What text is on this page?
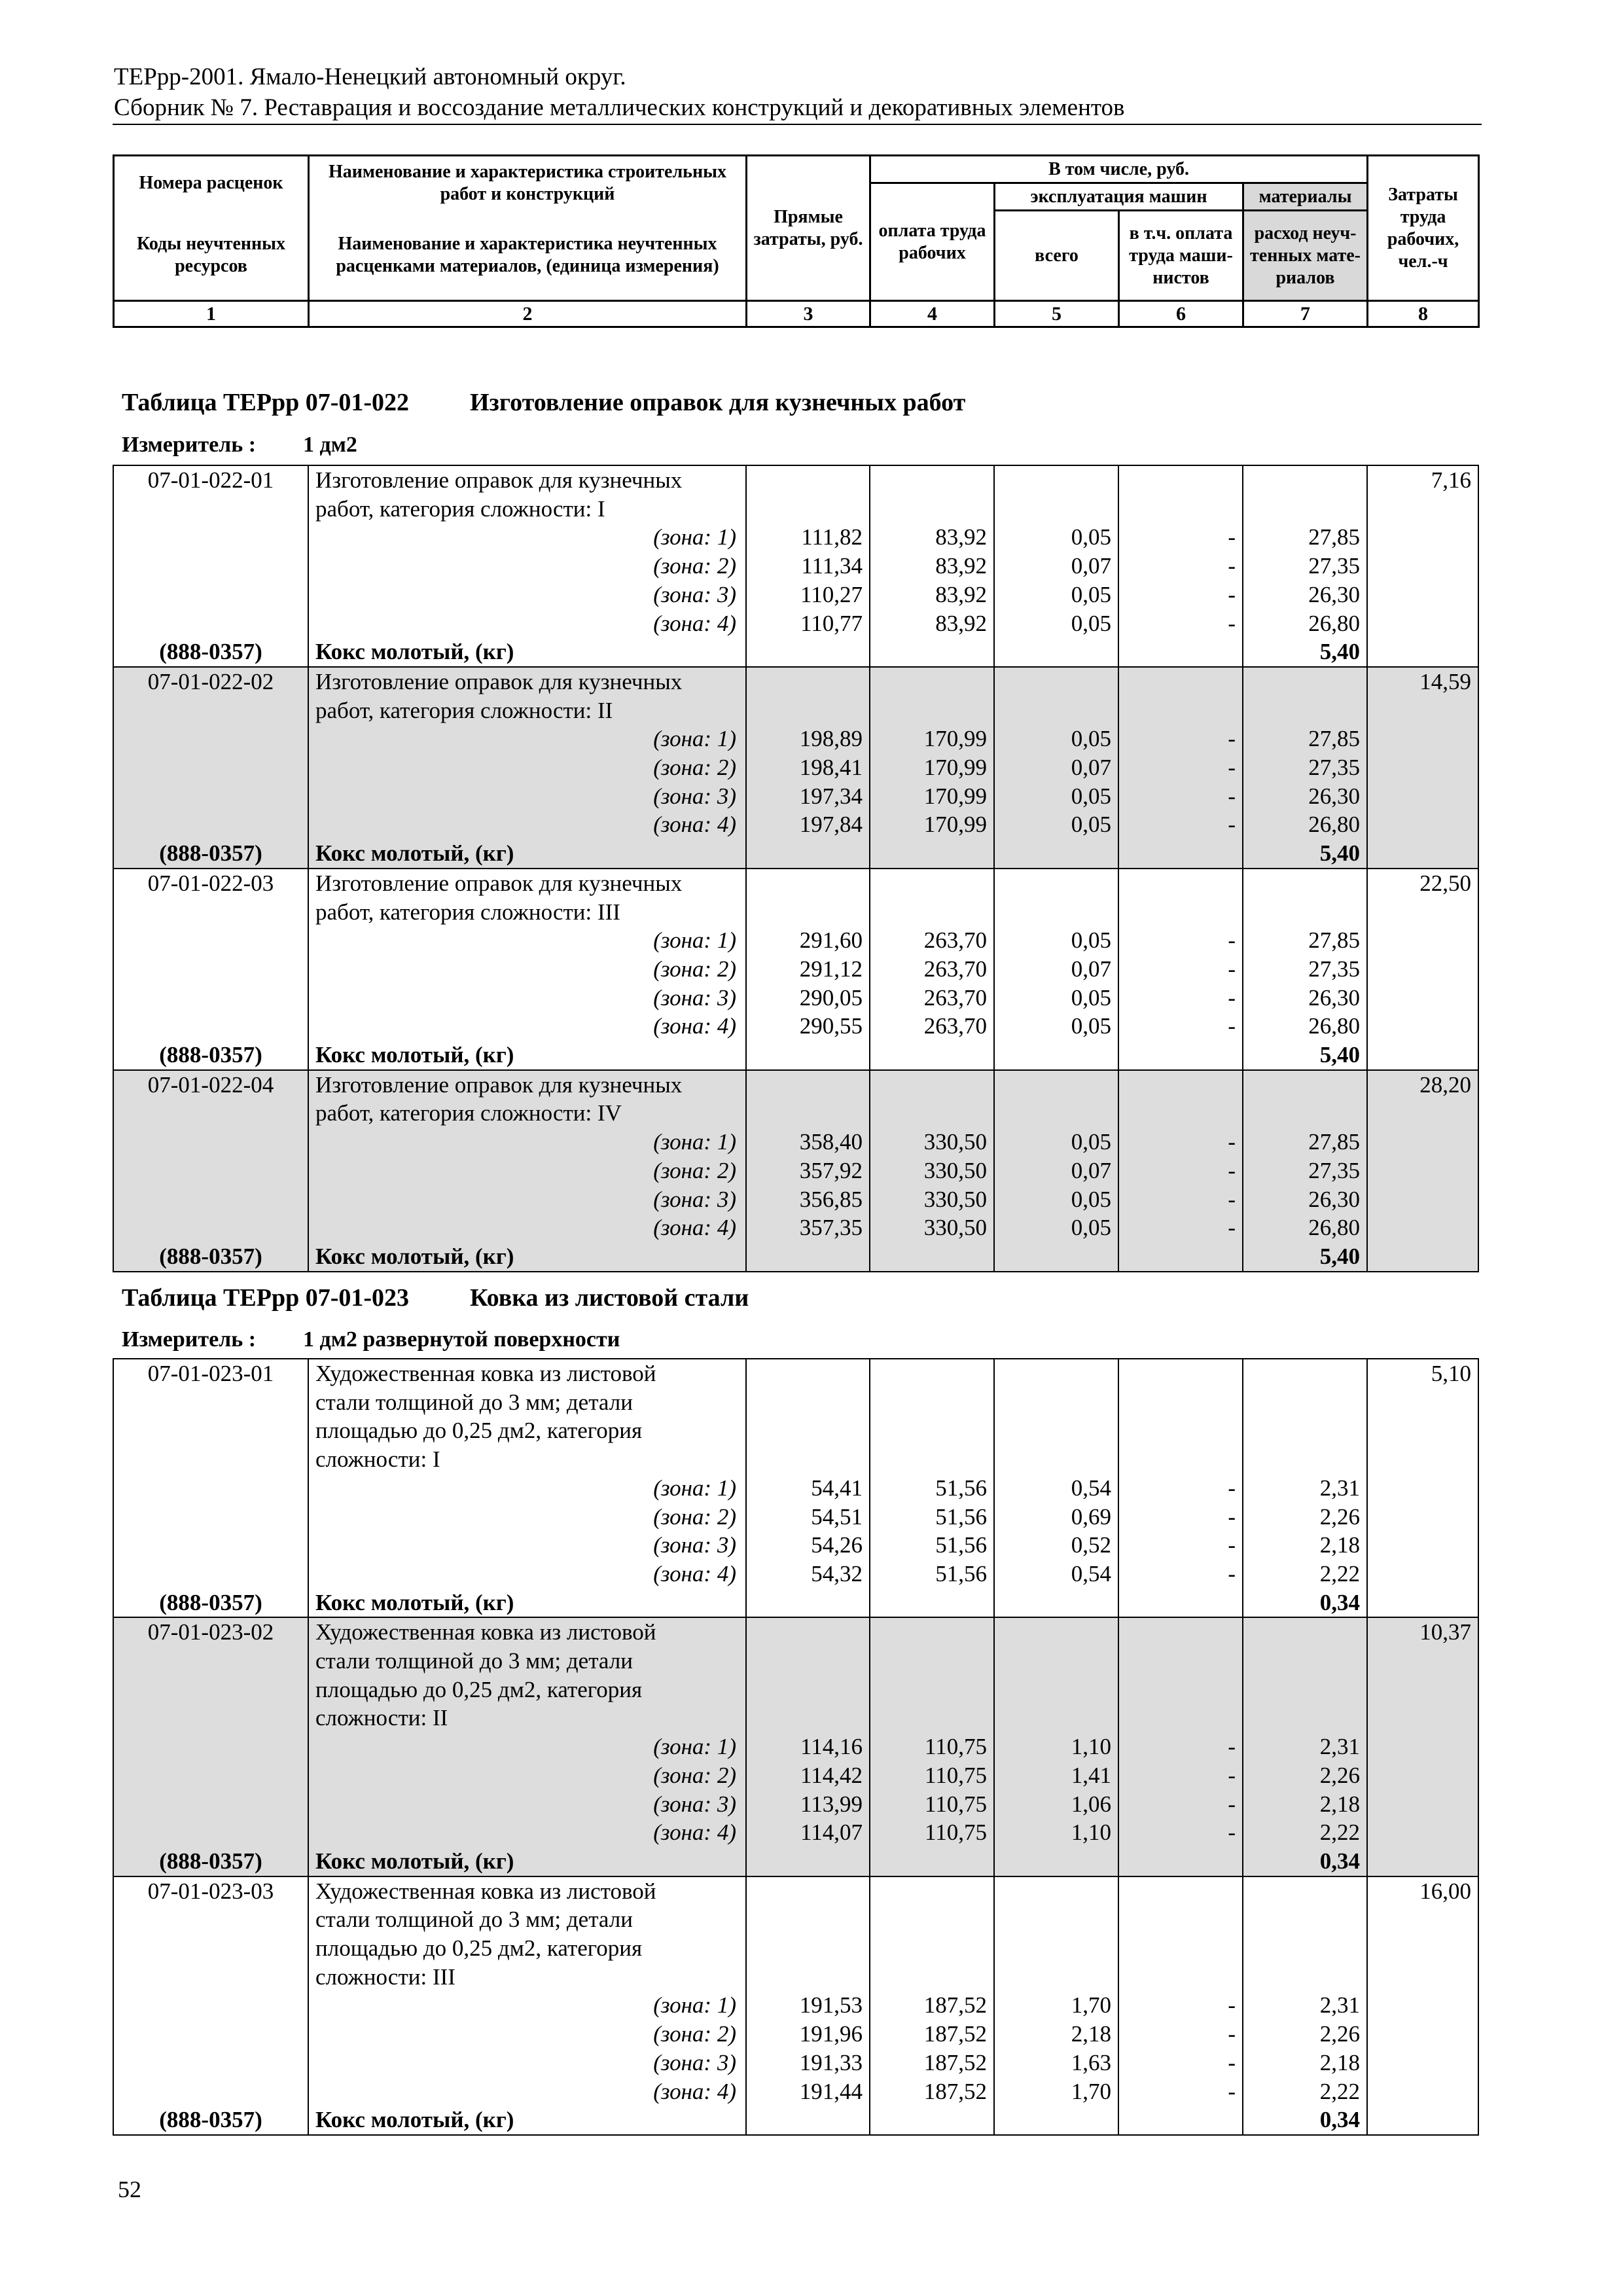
ТЕРрр-2001. Ямало-Ненецкий автономный округ.
Сборник № 7. Реставрация и воссоздание металлических конструкций и декоративных элементов
Номера расценок	Наименование и характеристика строительных работ и конструкций	Прямые затраты, руб.	В том числе, руб.				Затраты труда рабочих, чел.-ч
			оплата труда рабочих	эксплуатация машин		материалы	
Коды неучтенных ресурсов	Наименование и характеристика неучтенных расценками материалов, (единица измерения)			всего	в т.ч. оплата труда маши-нистов	расход неуч-тенных мате-риалов	

1	2	3	4	5	6	7	8
Таблица ТЕРрр 07-01-022 Изготовление оправок для кузнечных работ
Измеритель : 1 дм2
07-01-022-01	Изготовление оправок для кузнечных						7,16
	работ, категория сложности: I						
	(зона: 1)	111,82	83,92	0,05	-	27,85	
	(зона: 2)	111,34	83,92	0,07	-	27,35	
	(зона: 3)	110,27	83,92	0,05	-	26,30	
	(зона: 4)	110,77	83,92	0,05	-	26,80	
(888-0357)	Кокс молотый, (кг)					5,40	
07-01-022-02	Изготовление оправок для кузнечных						14,59
	работ, категория сложности: II						
	(зона: 1)	198,89	170,99	0,05	-	27,85	
	(зона: 2)	198,41	170,99	0,07	-	27,35	
	(зона: 3)	197,34	170,99	0,05	-	26,30	
	(зона: 4)	197,84	170,99	0,05	-	26,80	
(888-0357)	Кокс молотый, (кг)					5,40	
07-01-022-03	Изготовление оправок для кузнечных						22,50
	работ, категория сложности: III						
	(зона: 1)	291,60	263,70	0,05	-	27,85	
	(зона: 2)	291,12	263,70	0,07	-	27,35	
	(зона: 3)	290,05	263,70	0,05	-	26,30	
	(зона: 4)	290,55	263,70	0,05	-	26,80	
(888-0357)	Кокс молотый, (кг)					5,40	
07-01-022-04	Изготовление оправок для кузнечных						28,20
	работ, категория сложности: IV						
	(зона: 1)	358,40	330,50	0,05	-	27,85	
	(зона: 2)	357,92	330,50	0,07	-	27,35	
	(зона: 3)	356,85	330,50	0,05	-	26,30	
	(зона: 4)	357,35	330,50	0,05	-	26,80	
(888-0357)	Кокс молотый, (кг)					5,40	
Таблица ТЕРрр 07-01-023 Ковка из листовой стали
Измеритель : 1 дм2 развернутой поверхности
07-01-023-01	Художественная ковка из листовой						5,10
	стали толщиной до 3 мм; детали						
	площадью до 0,25 дм2, категория						
	сложности: I						
	(зона: 1)	54,41	51,56	0,54	-	2,31	
	(зона: 2)	54,51	51,56	0,69	-	2,26	
	(зона: 3)	54,26	51,56	0,52	-	2,18	
	(зона: 4)	54,32	51,56	0,54	-	2,22	
(888-0357)	Кокс молотый, (кг)					0,34	
07-01-023-02	Художественная ковка из листовой						10,37
	стали толщиной до 3 мм; детали						
	площадью до 0,25 дм2, категория						
	сложности: II						
	(зона: 1)	114,16	110,75	1,10	-	2,31	
	(зона: 2)	114,42	110,75	1,41	-	2,26	
	(зона: 3)	113,99	110,75	1,06	-	2,18	
	(зона: 4)	114,07	110,75	1,10	-	2,22	
(888-0357)	Кокс молотый, (кг)					0,34	
07-01-023-03	Художественная ковка из листовой						16,00
	стали толщиной до 3 мм; детали						
	площадью до 0,25 дм2, категория						
	сложности: III						
	(зона: 1)	191,53	187,52	1,70	-	2,31	
	(зона: 2)	191,96	187,52	2,18	-	2,26	
	(зона: 3)	191,33	187,52	1,63	-	2,18	
	(зона: 4)	191,44	187,52	1,70	-	2,22	
(888-0357)	Кокс молотый, (кг)					0,34	
52
